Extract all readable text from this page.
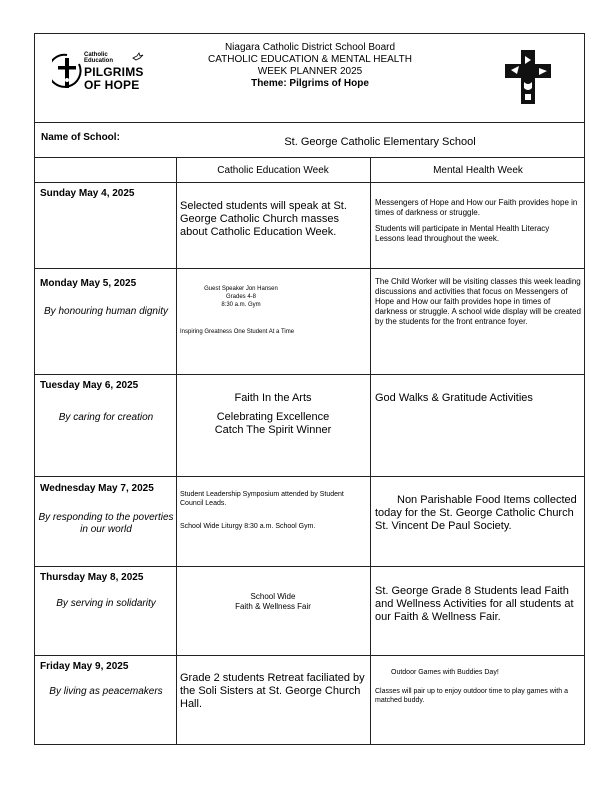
Catholic
Education
PILGRIMS
OF HOPE
Niagara Catholic District School Board
CATHOLIC EDUCATION & MENTAL HEALTH
WEEK PLANNER 2025
Theme: Pilgrims of Hope
Name of School:	St. George Catholic Elementary School
Catholic Education Week	Mental Health Week
Sunday May 4, 2025
Selected students will speak at St. George Catholic Church masses about Catholic Education Week.
Messengers of Hope and How our Faith provides hope in times of darkness or struggle.
Students will participate in Mental Health Literacy Lessons lead throughout the week.
Monday May 5, 2025
By honouring human dignity
Guest Speaker Jon Hansen
Grades 4-8
8:30 a.m. Gym
Inspiring Greatness One Student At a Time
The Child Worker will be visiting classes this week leading discussions and activities that focus on Messengers of Hope and How our faith provides hope in times of darkness or struggle. A school wide display will be created by the students for the front entrance foyer.
Tuesday May 6, 2025
By caring for creation
Faith In the Arts
Celebrating Excellence
Catch The Spirit Winner
God Walks & Gratitude Activities
Wednesday May 7, 2025
By responding to the poverties in our world
Student Leadership Symposium attended by Student Council Leads.
School Wide Liturgy 8:30 a.m. School Gym.
Non Parishable Food Items collected today for the St. George Catholic Church St. Vincent De Paul Society.
Thursday May 8, 2025
By serving in solidarity
School Wide
Faith & Wellness Fair
St. George Grade 8 Students lead Faith and Wellness Activities for all students at our Faith & Wellness Fair.
Friday May 9, 2025
By living as peacemakers
Grade 2 students Retreat faciliated by the Soli Sisters at St. George Church Hall.
Outdoor Games with Buddies Day!
Classes will pair up to enjoy outdoor time to play games with a matched buddy.
